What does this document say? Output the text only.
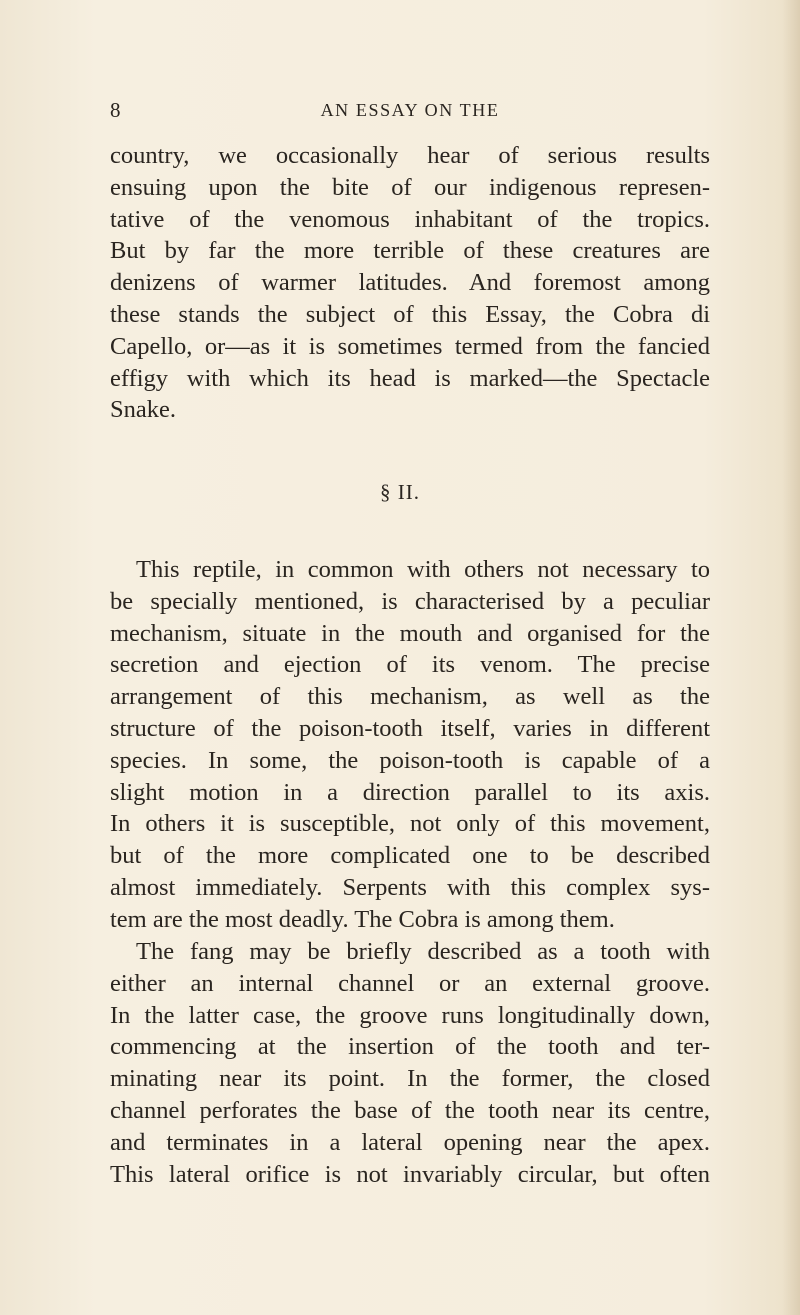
8	AN ESSAY ON THE
country, we occasionally hear of serious results
ensuing upon the bite of our indigenous represen-
tative of the venomous inhabitant of the tropics.
But by far the more terrible of these creatures are
denizens of warmer latitudes. And foremost among
these stands the subject of this Essay, the Cobra di
Capello, or—as it is sometimes termed from the fancied
effigy with which its head is marked—the Spectacle
Snake.
§ II.
This reptile, in common with others not necessary to
be specially mentioned, is characterised by a peculiar
mechanism, situate in the mouth and organised for the
secretion and ejection of its venom. The precise
arrangement of this mechanism, as well as the
structure of the poison-tooth itself, varies in different
species. In some, the poison-tooth is capable of a
slight motion in a direction parallel to its axis.
In others it is susceptible, not only of this movement,
but of the more complicated one to be described
almost immediately. Serpents with this complex sys-
tem are the most deadly. The Cobra is among them.
The fang may be briefly described as a tooth with
either an internal channel or an external groove.
In the latter case, the groove runs longitudinally down,
commencing at the insertion of the tooth and ter-
minating near its point. In the former, the closed
channel perforates the base of the tooth near its centre,
and terminates in a lateral opening near the apex.
This lateral orifice is not invariably circular, but often
